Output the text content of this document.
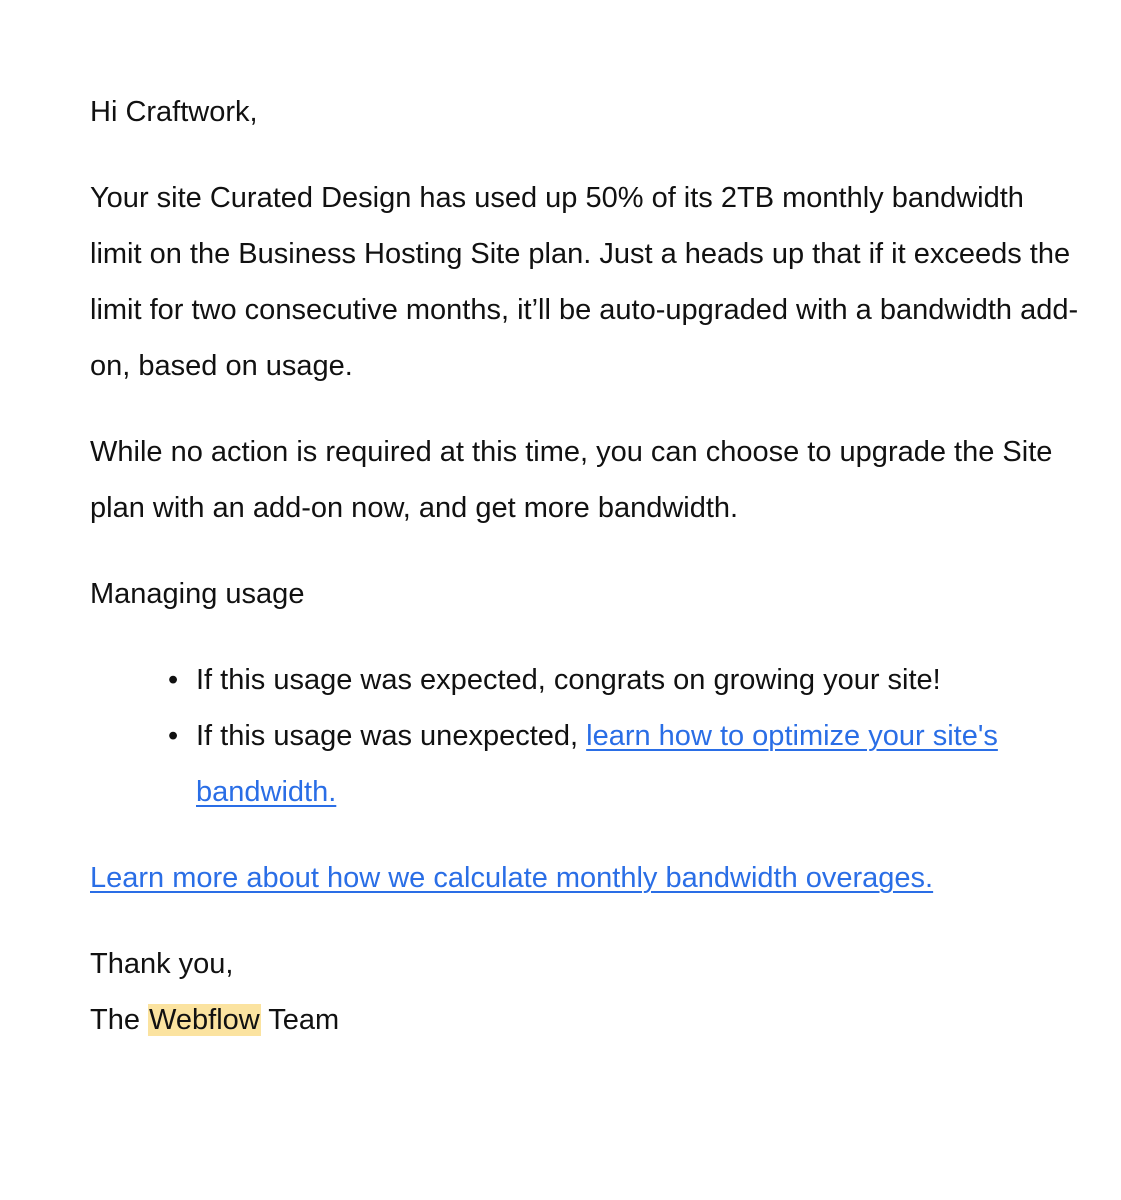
Hi Craftwork,

Your site Curated Design has used up 50% of its 2TB monthly bandwidth limit on the Business Hosting Site plan. Just a heads up that if it exceeds the limit for two consecutive months, it’ll be auto-upgraded with a bandwidth add-on, based on usage.

While no action is required at this time, you can choose to upgrade the Site plan with an add-on now, and get more bandwidth.

Managing usage

• If this usage was expected, congrats on growing your site!
• If this usage was unexpected, learn how to optimize your site's bandwidth.

Learn more about how we calculate monthly bandwidth overages.

Thank you,

The Webflow Team
